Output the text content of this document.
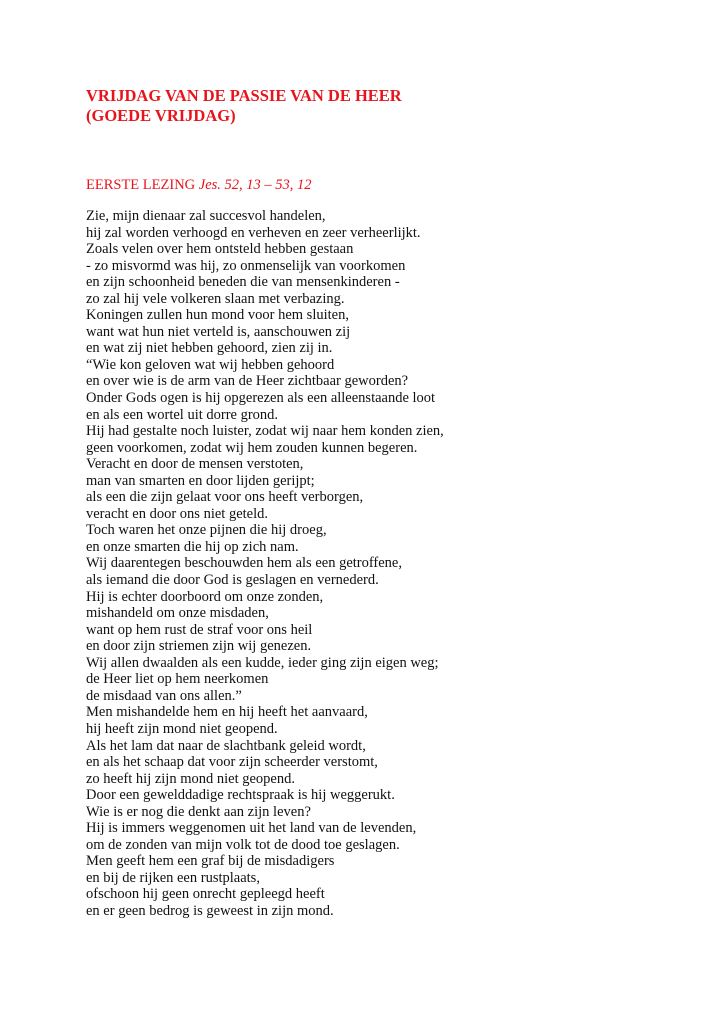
VRIJDAG VAN DE PASSIE VAN DE HEER
(GOEDE VRIJDAG)

EERSTE LEZING Jes. 52, 13 – 53, 12

Zie, mijn dienaar zal succesvol handelen,
hij zal worden verhoogd en verheven en zeer verheerlijkt.
Zoals velen over hem ontsteld hebben gestaan
- zo misvormd was hij, zo onmenselijk van voorkomen
en zijn schoonheid beneden die van mensenkinderen -
zo zal hij vele volkeren slaan met verbazing.
Koningen zullen hun mond voor hem sluiten,
want wat hun niet verteld is, aanschouwen zij
en wat zij niet hebben gehoord, zien zij in.
“Wie kon geloven wat wij hebben gehoord
en over wie is de arm van de Heer zichtbaar geworden?
Onder Gods ogen is hij opgerezen als een alleenstaande loot
en als een wortel uit dorre grond.
Hij had gestalte noch luister, zodat wij naar hem konden zien,
geen voorkomen, zodat wij hem zouden kunnen begeren.
Veracht en door de mensen verstoten,
man van smarten en door lijden gerijpt;
als een die zijn gelaat voor ons heeft verborgen,
veracht en door ons niet geteld.
Toch waren het onze pijnen die hij droeg,
en onze smarten die hij op zich nam.
Wij daarentegen beschouwden hem als een getroffene,
als iemand die door God is geslagen en vernederd.
Hij is echter doorboord om onze zonden,
mishandeld om onze misdaden,
want op hem rust de straf voor ons heil
en door zijn striemen zijn wij genezen.
Wij allen dwaalden als een kudde, ieder ging zijn eigen weg;
de Heer liet op hem neerkomen
de misdaad van ons allen.”
Men mishandelde hem en hij heeft het aanvaard,
hij heeft zijn mond niet geopend.
Als het lam dat naar de slachtbank geleid wordt,
en als het schaap dat voor zijn scheerder verstomt,
zo heeft hij zijn mond niet geopend.
Door een gewelddadige rechtspraak is hij weggerukt.
Wie is er nog die denkt aan zijn leven?
Hij is immers weggenomen uit het land van de levenden,
om de zonden van mijn volk tot de dood toe geslagen.
Men geeft hem een graf bij de misdadigers
en bij de rijken een rustplaats,
ofschoon hij geen onrecht gepleegd heeft
en er geen bedrog is geweest in zijn mond.
